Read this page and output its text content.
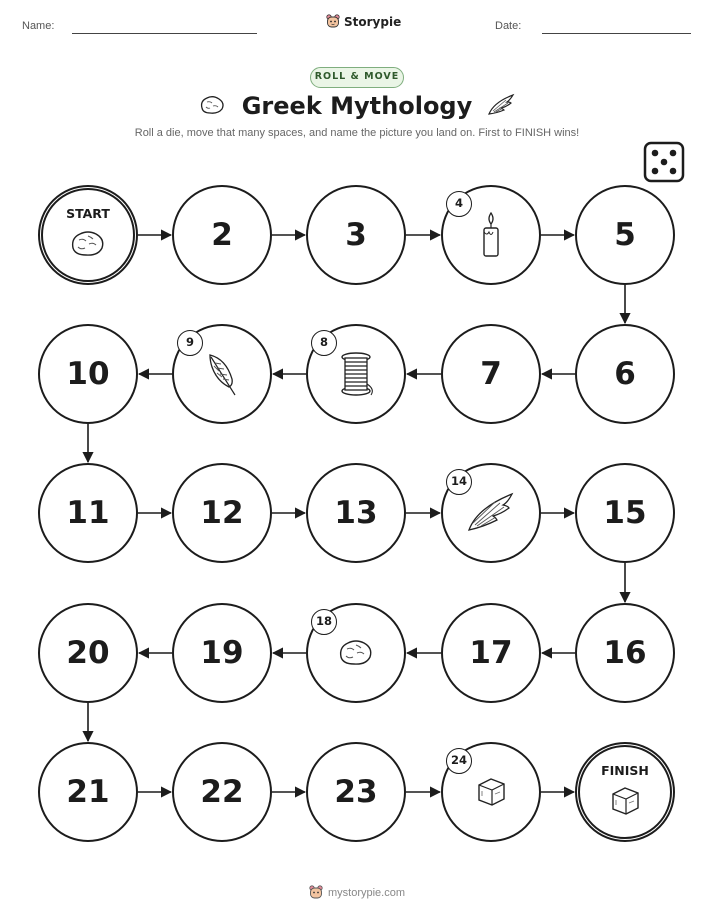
Name:	Storypie	Date:
ROLL & MOVE
Greek Mythology
Roll a die, move that many spaces, and name the picture you land on. First to FINISH wins!
START
2	3
4
5
6
7
8
9
10
11	12	13
14
15
16
17
18
19
20
21	22	23
24
FINISH
mystorypie.com
